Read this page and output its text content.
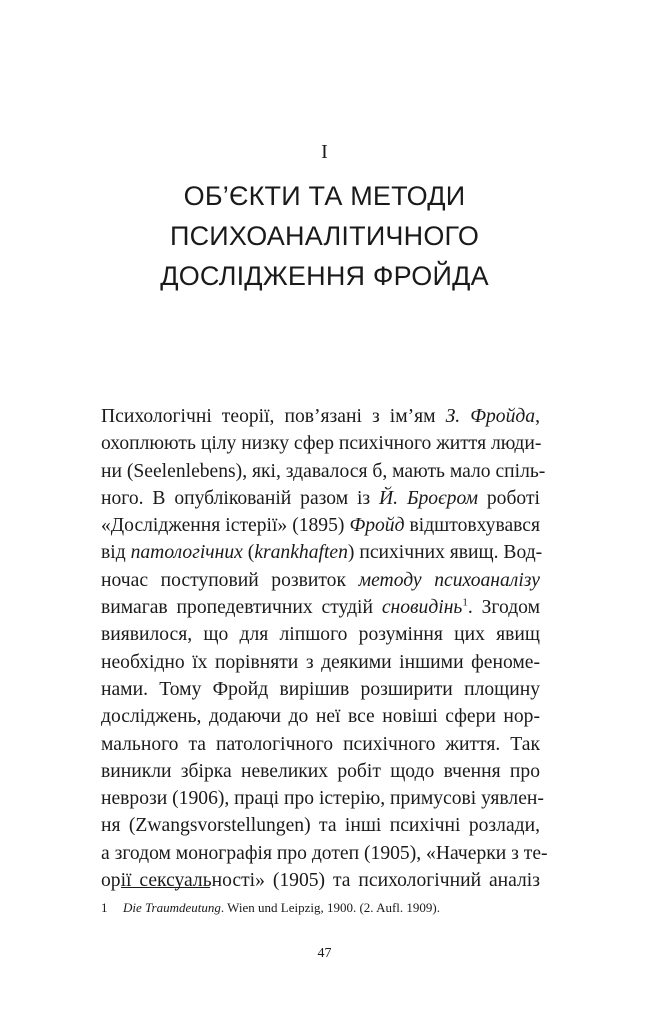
I
ОБ’ЄКТИ ТА МЕТОДИ
ПСИХОАНАЛІТИЧНОГО
ДОСЛІДЖЕННЯ ФРОЙДА
Психологічні теорії, пов’язані з ім’ям З. Фройда,
охоплюють цілу низку сфер психічного життя люди-
ни (Seelenlebens), які, здавалося б, мають мало спіль-
ного. В опублікованій разом із Й. Броєром роботі
«Дослідження істерії» (1895) Фройд відштовхувався
від патологічних (krankhaften) психічних явищ. Вод-
ночас поступовий розвиток методу психоаналізу
вимагав пропедевтичних студій сновидінь$^1$. Згодом
виявилося, що для ліпшого розуміння цих явищ
необхідно їх порівняти з деякими іншими феноме-
нами. Тому Фройд вирішив розширити площину
досліджень, додаючи до неї все новіші сфери нор-
мального та патологічного психічного життя. Так
виникли збірка невеликих робіт щодо вчення про
неврози (1906), праці про істерію, примусові уявлен-
ня (Zwangsvorstellungen) та інші психічні розлади,
а згодом монографія про дотеп (1905), «Начерки з те-
орії сексуальності» (1905) та психологічний аналіз
1 Die Traumdeutung. Wien und Leipzig, 1900. (2. Aufl. 1909).
47
